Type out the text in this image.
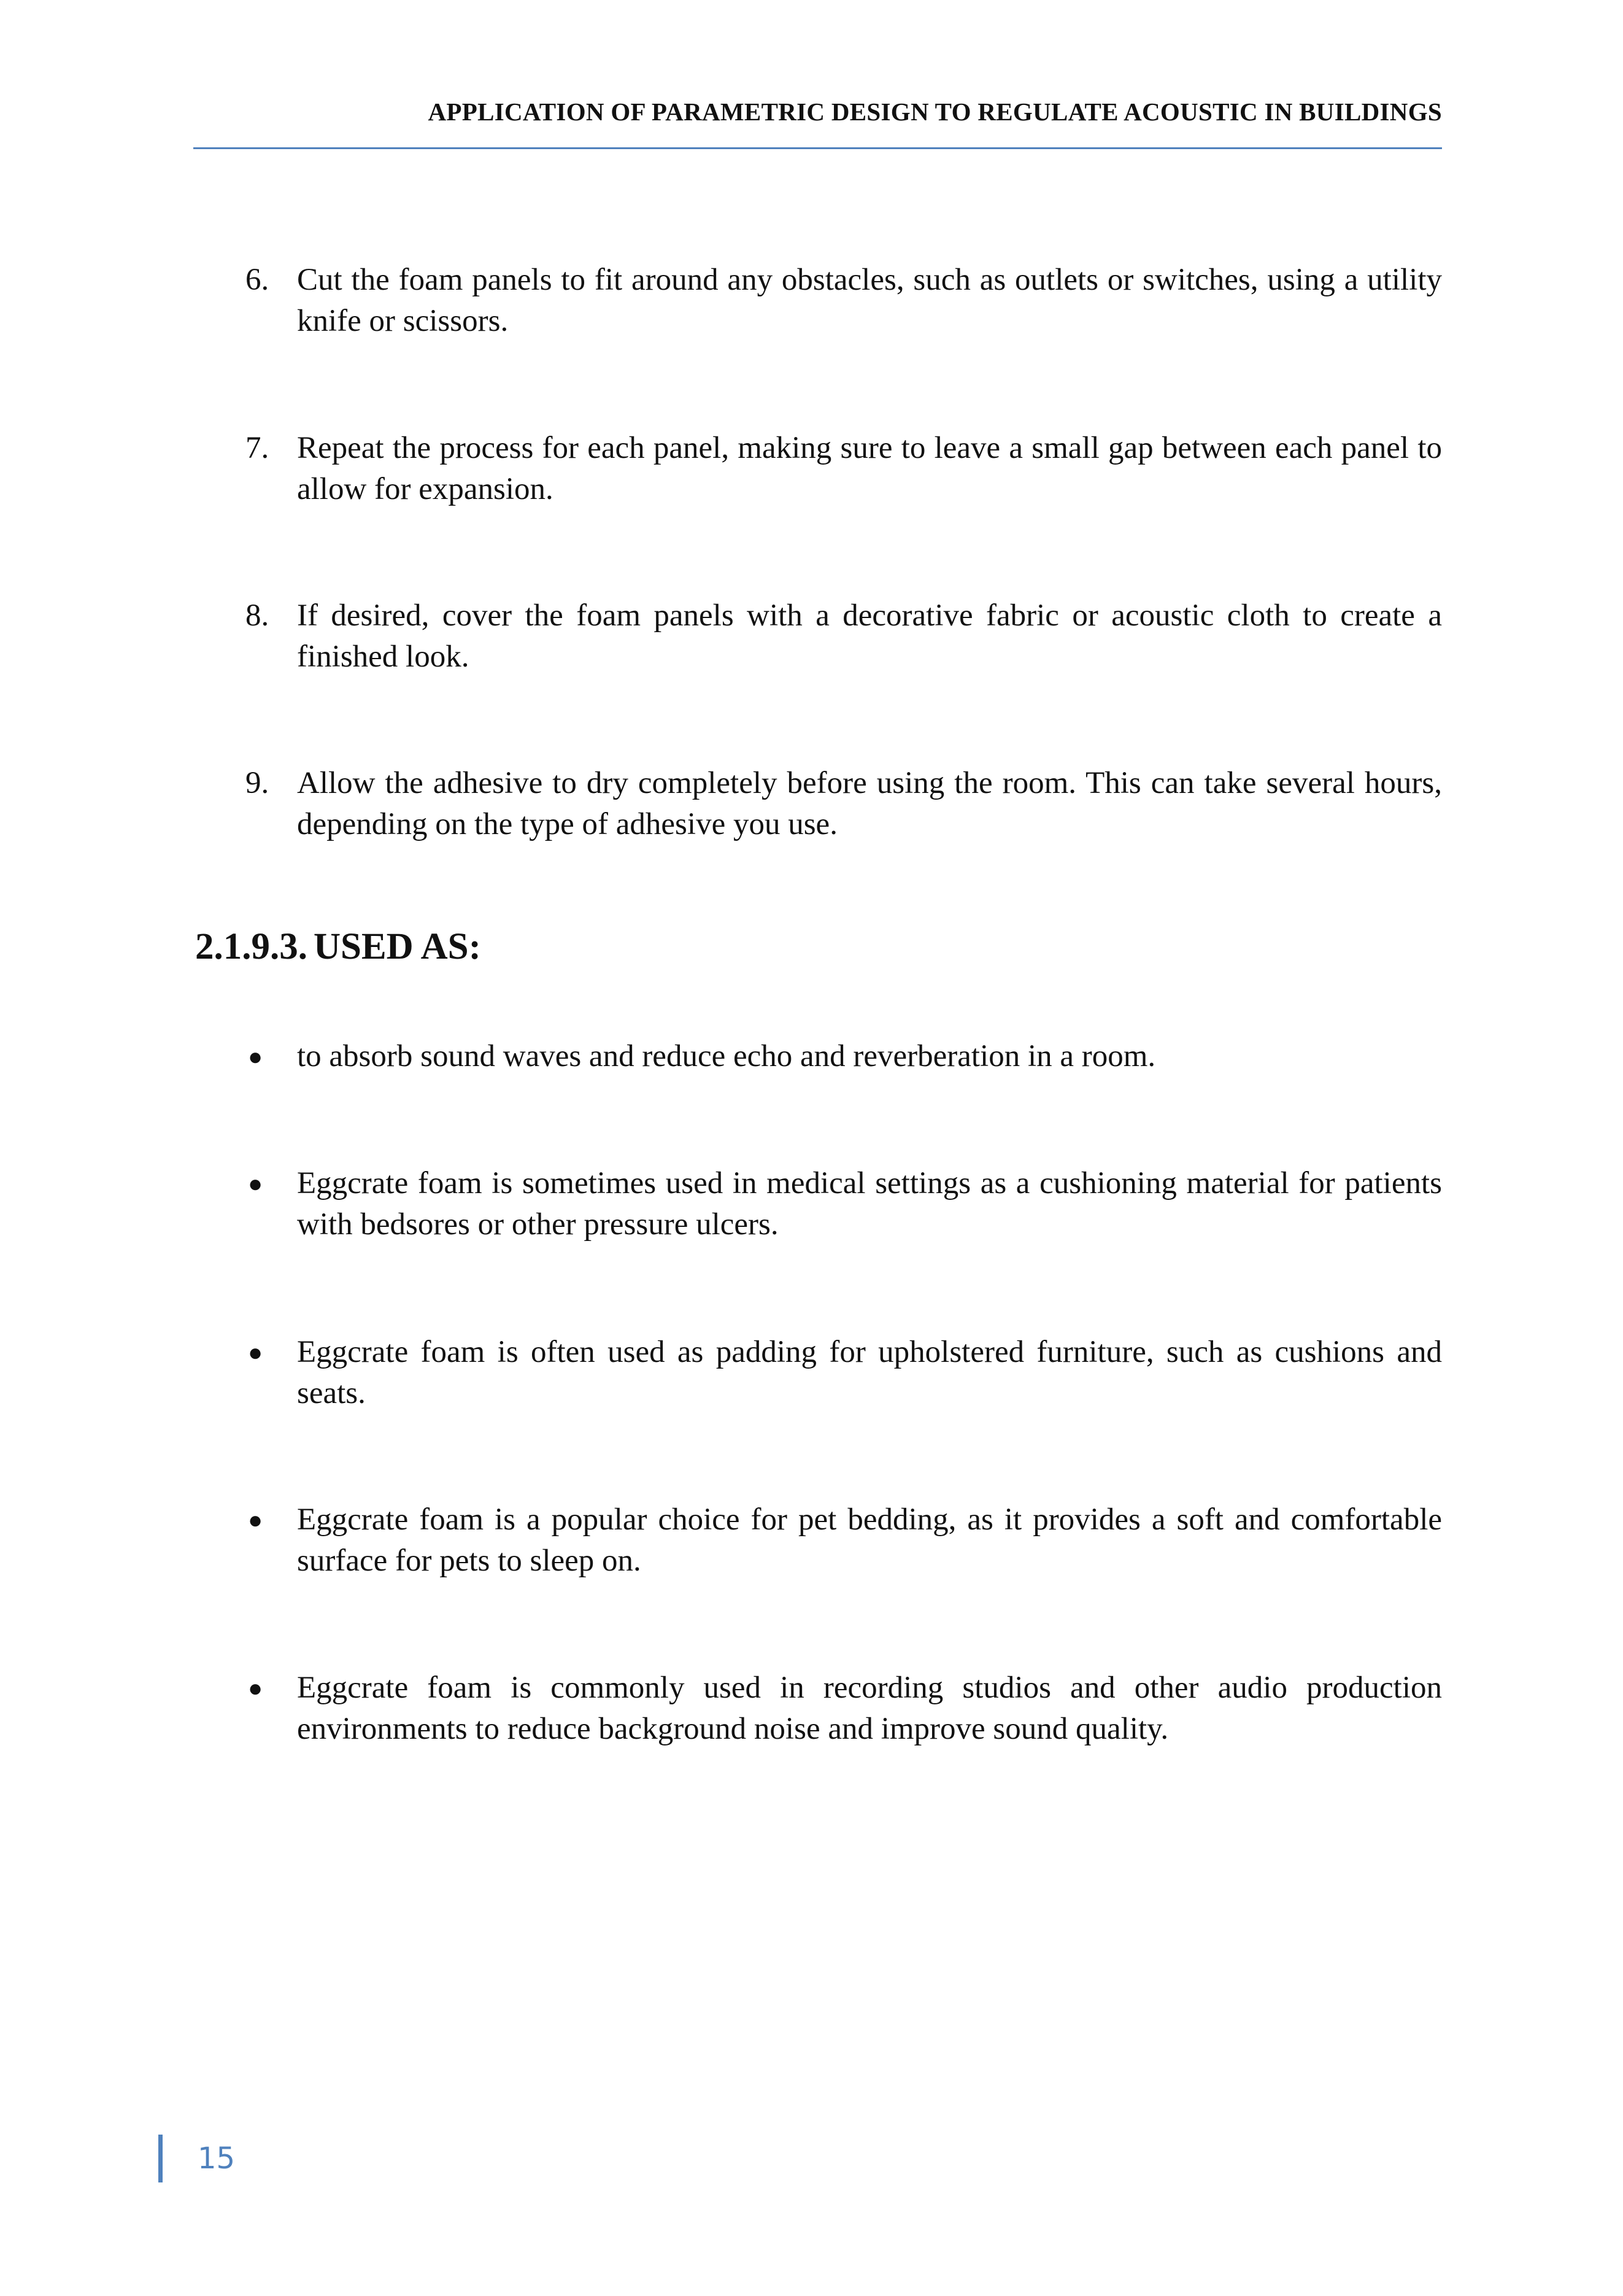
APPLICATION OF PARAMETRIC DESIGN TO REGULATE ACOUSTIC IN BUILDINGS
6. Cut the foam panels to fit around any obstacles, such as outlets or switches, using a utility knife or scissors.
7. Repeat the process for each panel, making sure to leave a small gap between each panel to allow for expansion.
8. If desired, cover the foam panels with a decorative fabric or acoustic cloth to create a finished look.
9. Allow the adhesive to dry completely before using the room. This can take several hours, depending on the type of adhesive you use.
2.1.9.3. USED AS:
●	to absorb sound waves and reduce echo and reverberation in a room.
●	Eggcrate foam is sometimes used in medical settings as a cushioning material for patients with bedsores or other pressure ulcers.
●	Eggcrate foam is often used as padding for upholstered furniture, such as cushions and seats.
●	Eggcrate foam is a popular choice for pet bedding, as it provides a soft and comfortable surface for pets to sleep on.
●	Eggcrate foam is commonly used in recording studios and other audio production environments to reduce background noise and improve sound quality.
15
